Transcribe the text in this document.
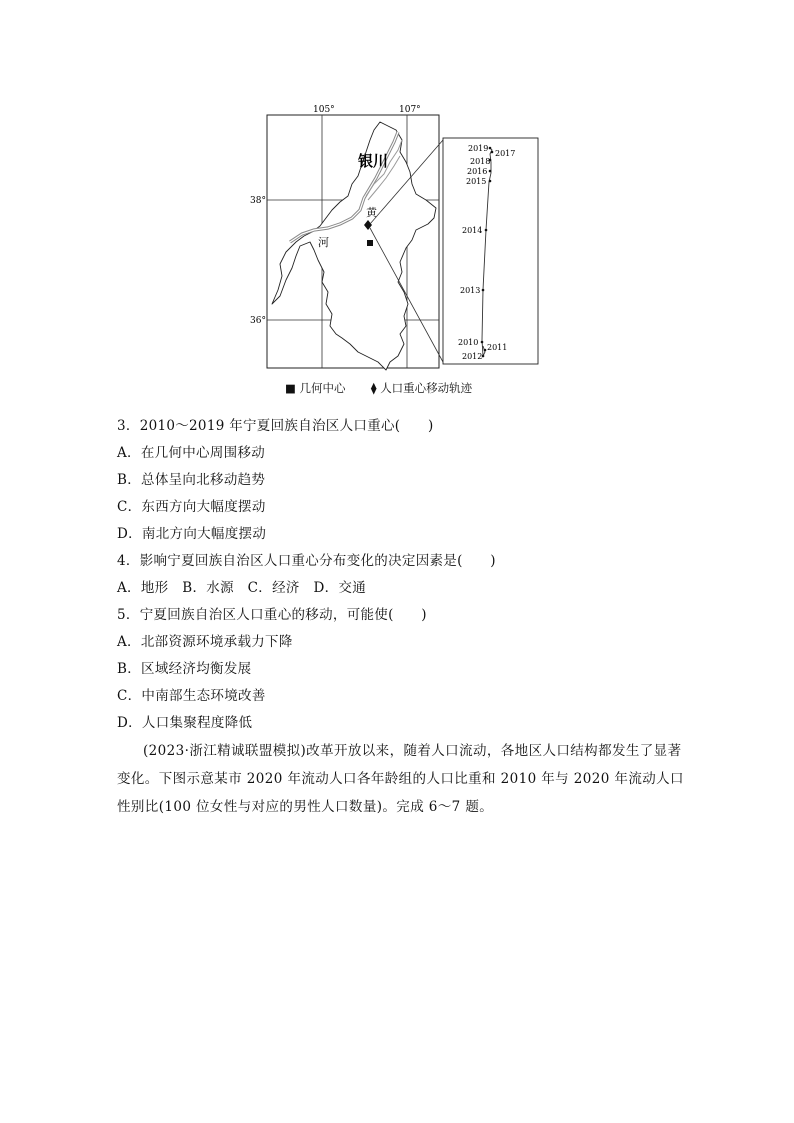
105°	107°
38°
36°
银川
黄
河
2019
2017
2018
2016
2015
2014
2013
2010
2011
2012
■ 几何中心 ⧫ 人口重心移动轨迹
3．2010～2019 年宁夏回族自治区人口重心(　　)
A．在几何中心周围移动
B．总体呈向北移动趋势
C．东西方向大幅度摆动
D．南北方向大幅度摆动
4．影响宁夏回族自治区人口重心分布变化的决定因素是(　　)
A．地形　B．水源　C．经济　D．交通
5．宁夏回族自治区人口重心的移动，可能使(　　)
A．北部资源环境承载力下降
B．区域经济均衡发展
C．中南部生态环境改善
D．人口集聚程度降低
(2023·浙江精诚联盟模拟)改革开放以来，随着人口流动，各地区人口结构都发生了显著变化。下图示意某市 2020 年流动人口各年龄组的人口比重和 2010 年与 2020 年流动人口性别比(100 位女性与对应的男性人口数量)。完成 6～7 题。
